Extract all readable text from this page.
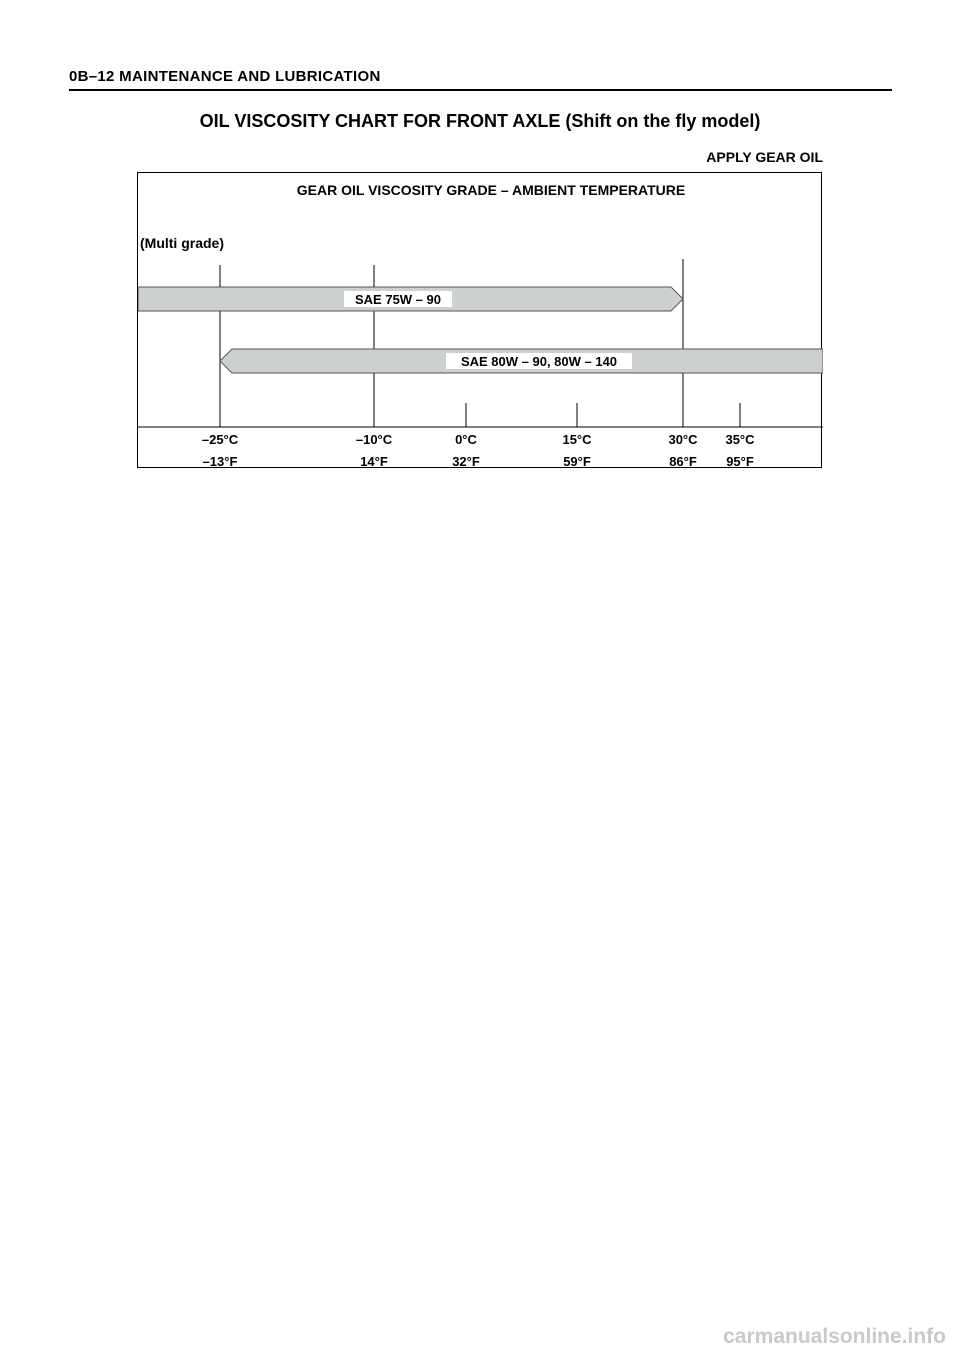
0B–12 MAINTENANCE AND LUBRICATION
OIL VISCOSITY CHART FOR FRONT AXLE (Shift on the fly model)
APPLY GEAR OIL
GEAR OIL VISCOSITY GRADE – AMBIENT TEMPERATURE
(Multi grade)
SAE 75W – 90
SAE 80W – 90, 80W – 140
–25°C
–13°F
–10°C
14°F
0°C
32°F
15°C
59°F
30°C
86°F
35°C
95°F
carmanualsonline.info
